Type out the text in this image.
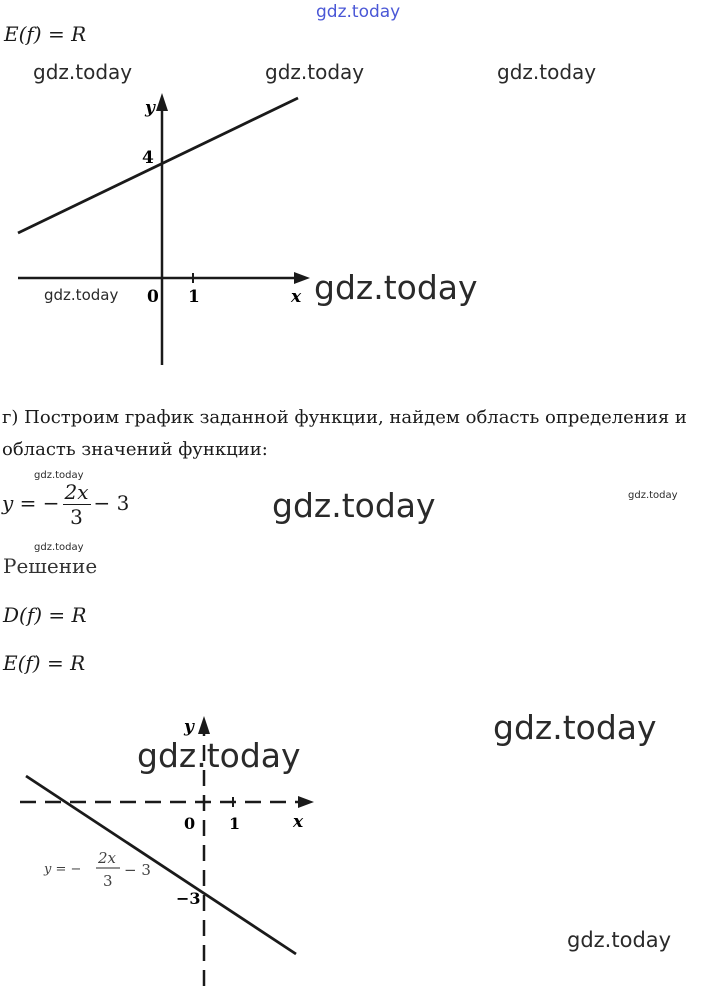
gdz.today
E(f) = R
gdz.today	gdz.today	gdz.today
y
4
0 1	x
gdz.today	gdz.today
г) Построим график заданной функции, найдем область определения и область значений функции:
gdz.today
y = − $\frac{2x}{3} - 3$	gdz.today	gdz.today
gdz.today
Решение
D(f) = R
E(f) = R
y
0 1	x
−3
y = −
2x
3
− 3
gdz.today
gdz.today
gdz.today
